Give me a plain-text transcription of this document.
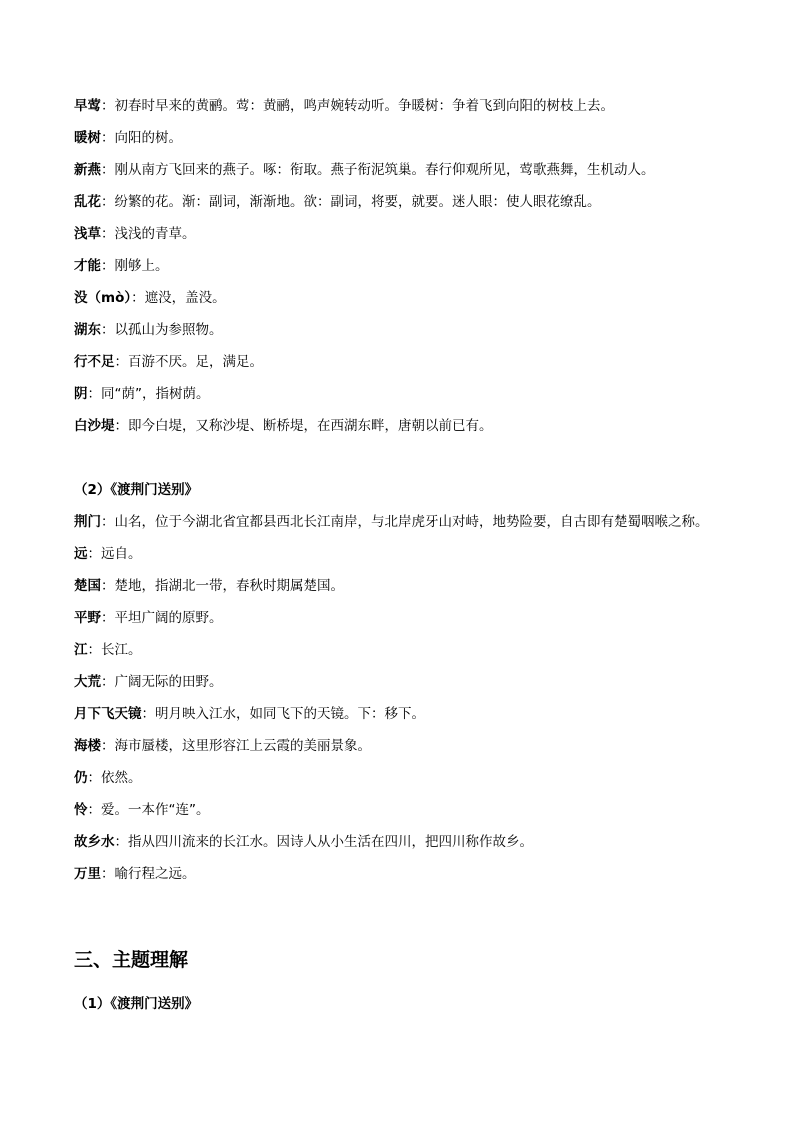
早莺：初春时早来的黄鹂。莺：黄鹂，鸣声婉转动听。争暖树：争着飞到向阳的树枝上去。

暖树：向阳的树。

新燕：刚从南方飞回来的燕子。啄：衔取。燕子衔泥筑巢。春行仰观所见，莺歌燕舞，生机动人。

乱花：纷繁的花。渐：副词，渐渐地。欲：副词，将要，就要。迷人眼：使人眼花缭乱。

浅草：浅浅的青草。

才能：刚够上。

没（mò）：遮没，盖没。

湖东：以孤山为参照物。

行不足：百游不厌。足，满足。

阴：同“荫”，指树荫。

白沙堤：即今白堤，又称沙堤、断桥堤，在西湖东畔，唐朝以前已有。

（2）《渡荆门送别》

荆门：山名，位于今湖北省宜都县西北长江南岸，与北岸虎牙山对峙，地势险要，自古即有楚蜀咽喉之称。

远：远自。

楚国：楚地，指湖北一带，春秋时期属楚国。

平野：平坦广阔的原野。

江：长江。

大荒：广阔无际的田野。

月下飞天镜：明月映入江水，如同飞下的天镜。下：移下。

海楼：海市蜃楼，这里形容江上云霞的美丽景象。

仍：依然。

怜：爱。一本作“连”。

故乡水：指从四川流来的长江水。因诗人从小生活在四川，把四川称作故乡。

万里：喻行程之远。

三、主题理解
（1）《渡荆门送别》
